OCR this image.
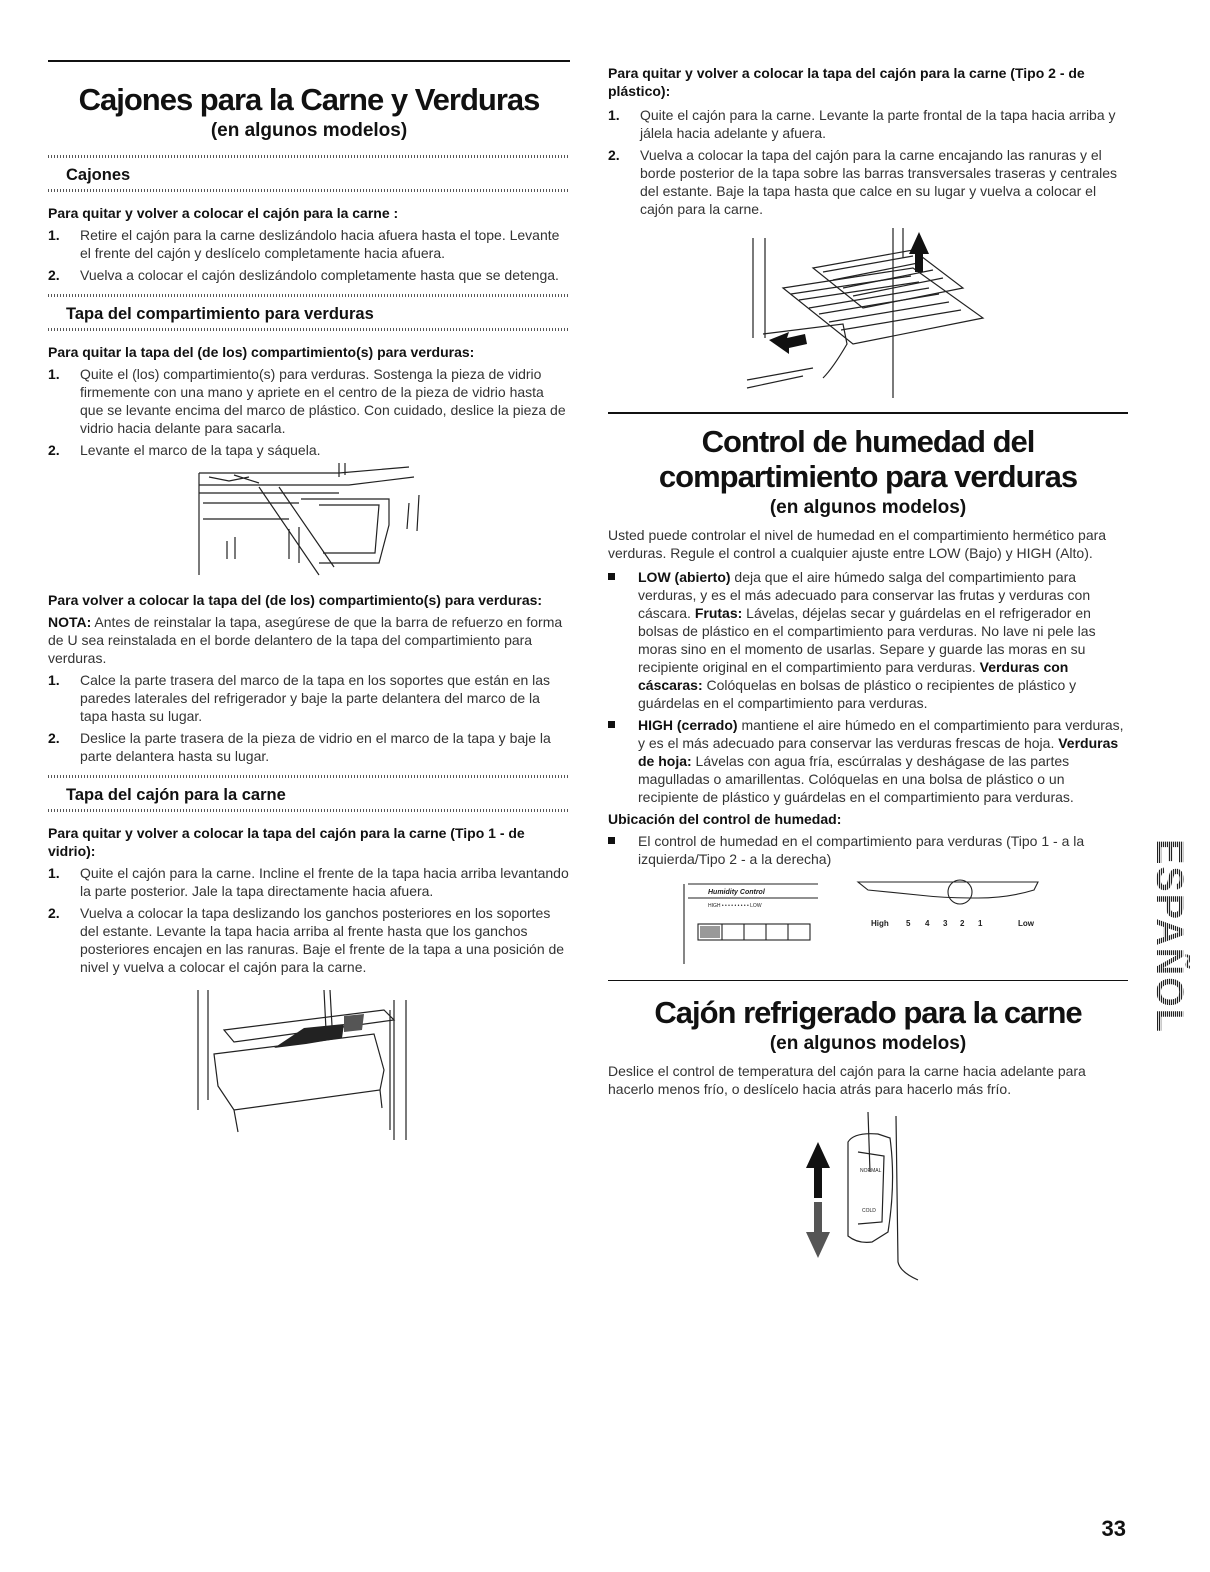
Cajones para la Carne y Verduras
(en algunos modelos)
Cajones

Para quitar y volver a colocar el cajón para la carne :

1. Retire el cajón para la carne deslizándolo hacia afuera hasta el tope. Levante el frente del cajón y deslícelo completamente hacia afuera.
2. Vuelva a colocar el cajón deslizándolo completamente hasta que se detenga.
Tapa del compartimiento para verduras

Para quitar la tapa del (de los) compartimiento(s) para verduras:

1. Quite el (los) compartimiento(s) para verduras. Sostenga la pieza de vidrio firmemente con una mano y apriete en el centro de la pieza de vidrio hasta que se levante encima del marco de plástico. Con cuidado, deslice la pieza de vidrio hacia delante para sacarla.
2. Levante el marco de la tapa y sáquela.

Para volver a colocar la tapa del (de los) compartimiento(s) para verduras:

NOTA: Antes de reinstalar la tapa, asegúrese de que la barra de refuerzo en forma de U sea reinstalada en el borde delantero de la tapa del compartimiento para verduras.

1. Calce la parte trasera del marco de la tapa en los soportes que están en las paredes laterales del refrigerador y baje la parte delantera del marco de la tapa hasta su lugar.
2. Deslice la parte trasera de la pieza de vidrio en el marco de la tapa y baje la parte delantera hasta su lugar.
Tapa del cajón para la carne

Para quitar y volver a colocar la tapa del cajón para la carne (Tipo 1 - de vidrio):

1. Quite el cajón para la carne. Incline el frente de la tapa hacia arriba levantando la parte posterior. Jale la tapa directamente hacia afuera.
2. Vuelva a colocar la tapa deslizando los ganchos posteriores en los soportes del estante. Levante la tapa hacia arriba al frente hasta que los ganchos posteriores encajen en las ranuras. Baje el frente de la tapa a una posición de nivel y vuelva a colocar el cajón para la carne.

Para quitar y volver a colocar la tapa del cajón para la carne (Tipo 2 - de plástico):

1. Quite el cajón para la carne. Levante la parte frontal de la tapa hacia arriba y jálela hacia adelante y afuera.
2. Vuelva a colocar la tapa del cajón para la carne encajando las ranuras y el borde posterior de la tapa sobre las barras transversales traseras y centrales del estante. Baje la tapa hasta que calce en su lugar y vuelva a colocar el cajón para la carne.
Control de humedad del
compartimiento para verduras
(en algunos modelos)

Usted puede controlar el nivel de humedad en el compartimiento hermético para verduras. Regule el control a cualquier ajuste entre LOW (Bajo) y HIGH (Alto).

LOW (abierto) deja que el aire húmedo salga del compartimiento para verduras, y es el más adecuado para conservar las frutas y verduras con cáscara. Frutas: Lávelas, déjelas secar y guárdelas en el refrigerador en bolsas de plástico en el compartimiento para verduras. No lave ni pele las moras sino en el momento de usarlas. Separe y guarde las moras en su recipiente original en el compartimiento para verduras. Verduras con cáscaras: Colóquelas en bolsas de plástico o recipientes de plástico y guárdelas en el compartimiento para verduras.
HIGH (cerrado) mantiene el aire húmedo en el compartimiento para verduras, y es el más adecuado para conservar las verduras frescas de hoja. Verduras de hoja: Lávelas con agua fría, escúrralas y deshágase de las partes magulladas o amarillentas. Colóquelas en una bolsa de plástico o un recipiente de plástico y guárdelas en el compartimiento para verduras.

Ubicación del control de humedad:

El control de humedad en el compartimiento para verduras (Tipo 1 - a la izquierda/Tipo 2 - a la derecha)
Humidity Control
HIGH • • • • • • • • • LOW
High 5 4 3 2 1	Low
Cajón refrigerado para la carne
(en algunos modelos)

Deslice el control de temperatura del cajón para la carne hacia adelante para hacerlo menos frío, o deslícelo hacia atrás para hacerlo más frío.

NORMAL
COLD
ESPAÑOL
33
